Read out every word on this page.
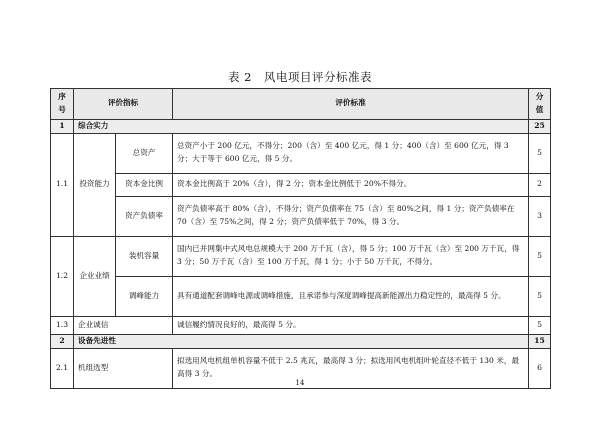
表 2　风电项目评分标准表
序号	评价指标		评价标准	分值
1	综合实力			25
1.1	投资能力	总资产	总资产小于 200 亿元，不得分；200（含）至 400 亿元，得 1 分；400（含）至 600 亿元，得 3 分；大于等于 600 亿元，得 5 分。	5
		资本金比例	资本金比例高于 20%（含），得 2 分；资本金比例低于 20%不得分。	2
		资产负债率	资产负债率高于 80%（含），不得分；资产负债率在 75（含）至 80%之间，得 1 分；资产负债率在 70（含）至 75%之间，得 2 分；资产负债率低于 70%，得 3 分。	3
1.2	企业业绩	装机容量	国内已并网集中式风电总规模大于 200 万千瓦（含），得 5 分；100 万千瓦（含）至 200 万千瓦，得 3 分；50 万千瓦（含）至 100 万千瓦，得 1 分；小于 50 万千瓦，不得分。	5
		调峰能力	具有通道配套调峰电源或调峰措施，且承诺参与深度调峰提高新能源出力稳定性的，最高得 5 分。	5
1.3	企业诚信		诚信履约情况良好的，最高得 5 分。	5
2	设备先进性			15
2.1	机组选型		拟选用风电机组单机容量不低于 2.5 兆瓦，最高得 3 分；拟选用风电机组叶轮直径不低于 130 米，最高得 3 分。	6
14
